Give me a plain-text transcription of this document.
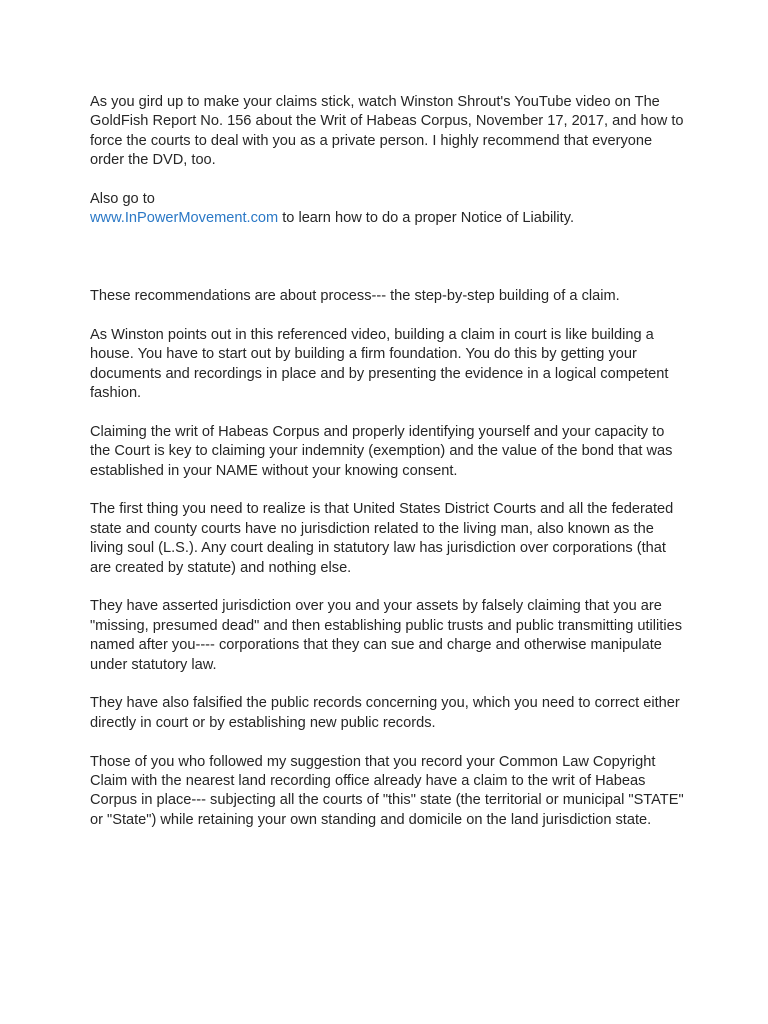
As you gird up to make your claims stick, watch Winston Shrout's YouTube video on The GoldFish Report No. 156 about the Writ of Habeas Corpus, November 17, 2017, and how to force the courts to deal with you as a private person. I highly recommend that everyone order the DVD, too.

Also go to
www.InPowerMovement.com to learn how to do a proper Notice of Liability.

These recommendations are about process--- the step-by-step building of a claim.

As Winston points out in this referenced video, building a claim in court is like building a house. You have to start out by building a firm foundation. You do this by getting your documents and recordings in place and by presenting the evidence in a logical competent fashion.

Claiming the writ of Habeas Corpus and properly identifying yourself and your capacity to the Court is key to claiming your indemnity (exemption) and the value of the bond that was established in your NAME without your knowing consent.

The first thing you need to realize is that United States District Courts and all the federated state and county courts have no jurisdiction related to the living man, also known as the living soul (L.S.). Any court dealing in statutory law has jurisdiction over corporations (that are created by statute) and nothing else.

They have asserted jurisdiction over you and your assets by falsely claiming that you are "missing, presumed dead" and then establishing public trusts and public transmitting utilities named after you---- corporations that they can sue and charge and otherwise manipulate under statutory law.

They have also falsified the public records concerning you, which you need to correct either directly in court or by establishing new public records.

Those of you who followed my suggestion that you record your Common Law Copyright Claim with the nearest land recording office already have a claim to the writ of Habeas Corpus in place--- subjecting all the courts of "this" state (the territorial or municipal "STATE" or "State") while retaining your own standing and domicile on the land jurisdiction state.
